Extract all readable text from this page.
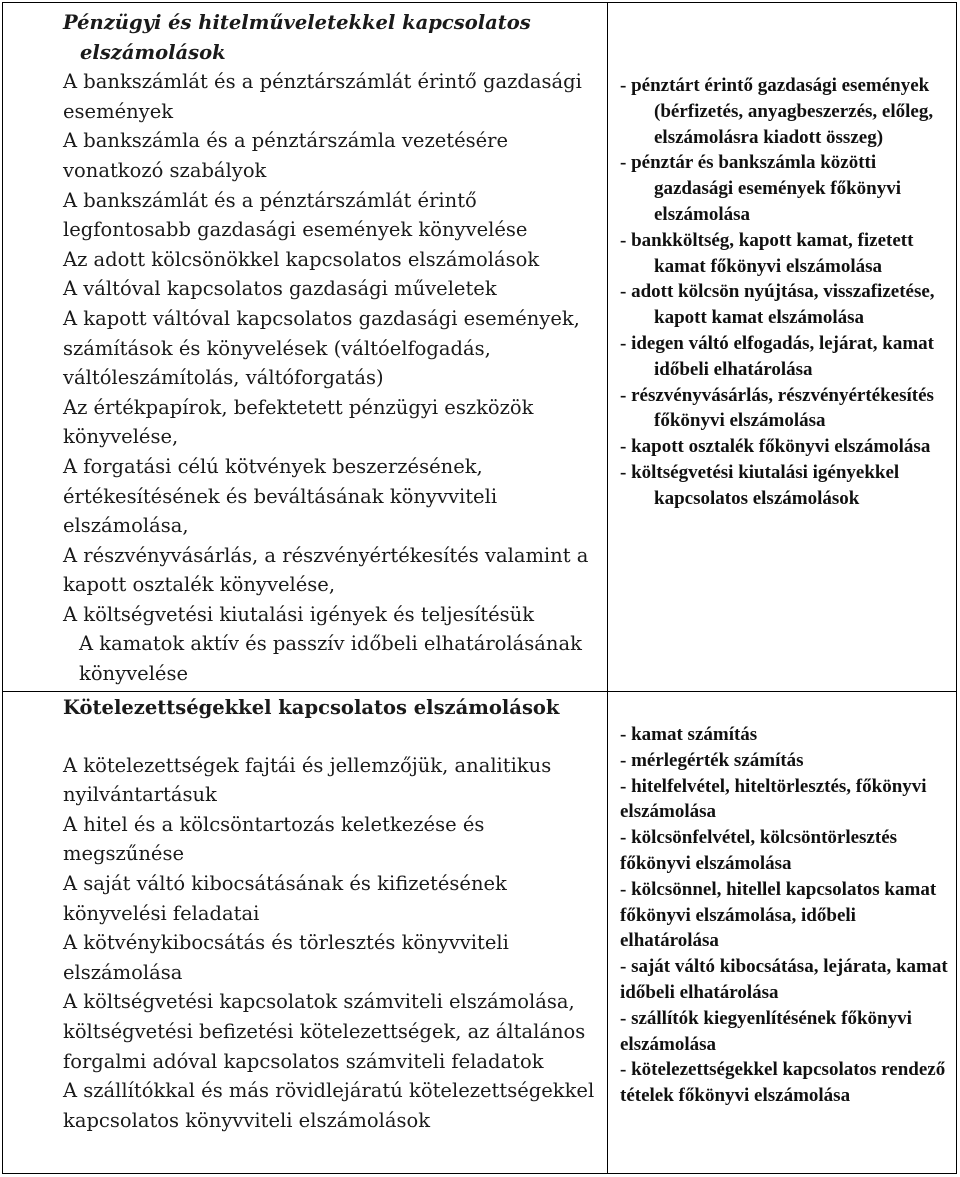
Pénzügyi és hitelműveletekkel kapcsolatos elszámolások
A bankszámlát és a pénztárszámlát érintő gazdasági események
A bankszámla és a pénztárszámla vezetésére vonatkozó szabályok
A bankszámlát és a pénztárszámlát érintő legfontosabb gazdasági események könyvelése
Az adott kölcsönökkel kapcsolatos elszámolások
A váltóval kapcsolatos gazdasági műveletek
A kapott váltóval kapcsolatos gazdasági események, számítások és könyvelések (váltóelfogadás, váltóleszámítolás, váltóforgatás)
Az értékpapírok, befektetett pénzügyi eszközök könyvelése,
A forgatási célú kötvények beszerzésének, értékesítésének és beváltásának könyvviteli elszámolása,
A részvényvásárlás, a részvényértékesítés valamint a kapott osztalék könyvelése,
A költségvetési kiutalási igények és teljesítésük
A kamatok aktív és passzív időbeli elhatárolásának könyvelése
- pénztárt érintő gazdasági események (bérfizetés, anyagbeszerzés, előleg, elszámolásra kiadott összeg)
- pénztár és bankszámla közötti gazdasági események főkönyvi elszámolása
- bankköltség, kapott kamat, fizetett kamat főkönyvi elszámolása
- adott kölcsön nyújtása, visszafizetése, kapott kamat elszámolása
- idegen váltó elfogadás, lejárat, kamat időbeli elhatárolása
- részvényvásárlás, részvényértékesítés főkönyvi elszámolása
- kapott osztalék főkönyvi elszámolása
- költségvetési kiutalási igényekkel kapcsolatos elszámolások
Kötelezettségekkel kapcsolatos elszámolások
A kötelezettségek fajtái és jellemzőjük, analitikus nyilvántartásuk
A hitel és a kölcsöntartozás keletkezése és megszűnése
A saját váltó kibocsátásának és kifizetésének könyvelési feladatai
A kötvénykibocsátás és törlesztés könyvviteli elszámolása
A költségvetési kapcsolatok számviteli elszámolása, költségvetési befizetési kötelezettségek, az általános forgalmi adóval kapcsolatos számviteli feladatok
A szállítókkal és más rövidlejáratú kötelezettségekkel kapcsolatos könyvviteli elszámolások
- kamat számítás
- mérlegérték számítás
- hitelfelvétel, hiteltörlesztés, főkönyvi elszámolása
- kölcsönfelvétel, kölcsöntörlesztés főkönyvi elszámolása
- kölcsönnel, hitellel kapcsolatos kamat főkönyvi elszámolása, időbeli elhatárolása
- saját váltó kibocsátása, lejárata, kamat időbeli elhatárolása
- szállítók kiegyenlítésének főkönyvi elszámolása
- kötelezettségekkel kapcsolatos rendező tételek főkönyvi elszámolása
